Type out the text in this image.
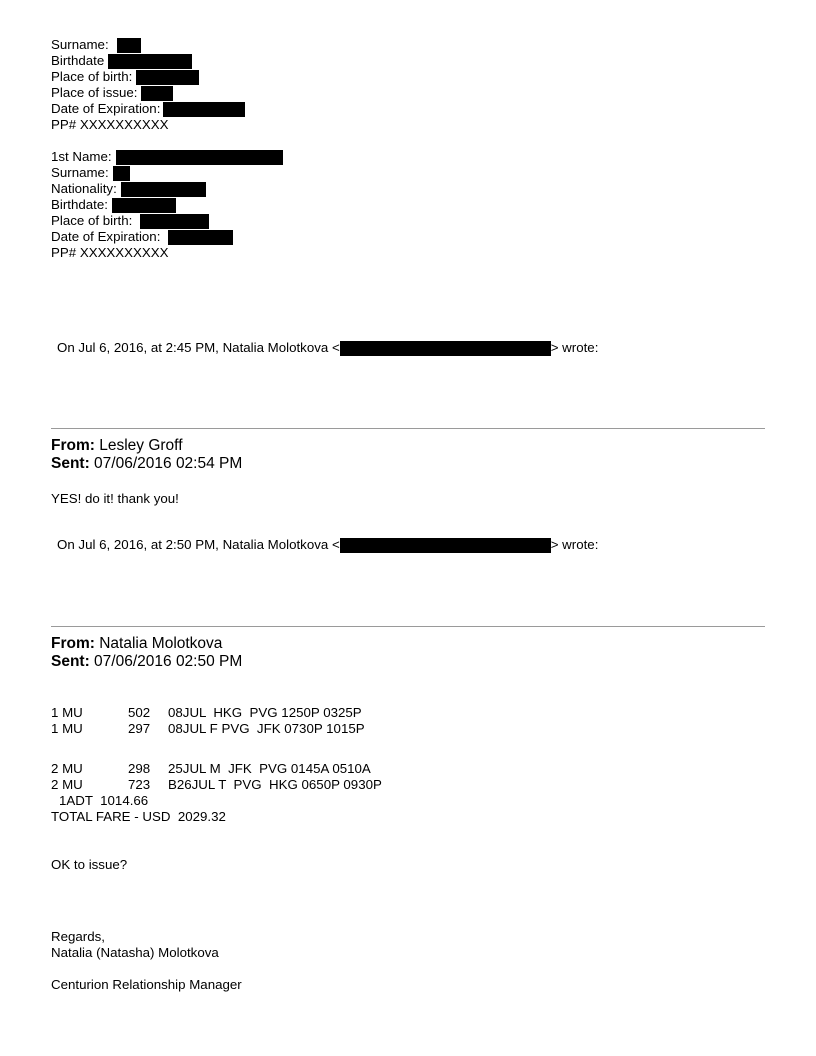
Surname:
Birthdate
Place of birth:
Place of issue:
Date of Expiration:
PP# XXXXXXXXXX
1st Name:
Surname:
Nationality:
Birthdate:
Place of birth:
Date of Expiration:
PP# XXXXXXXXXX
On Jul 6, 2016, at 2:45 PM, Natalia Molotkova <	> wrote:
From: Lesley Groff
Sent: 07/06/2016 02:54 PM
YES! do it! thank you!
On Jul 6, 2016, at 2:50 PM, Natalia Molotkova <	> wrote:
From: Natalia Molotkova
Sent: 07/06/2016 02:50 PM
1 MU	502	08JUL  HKG  PVG 1250P 0325P
1 MU	297	08JUL F PVG  JFK 0730P 1015P
2 MU	298	25JUL M  JFK  PVG 0145A 0510A
2 MU	723	B26JUL T  PVG  HKG 0650P 0930P
1ADT  1014.66
TOTAL FARE - USD  2029.32
OK to issue?
Regards,
Natalia (Natasha) Molotkova
Centurion Relationship Manager
